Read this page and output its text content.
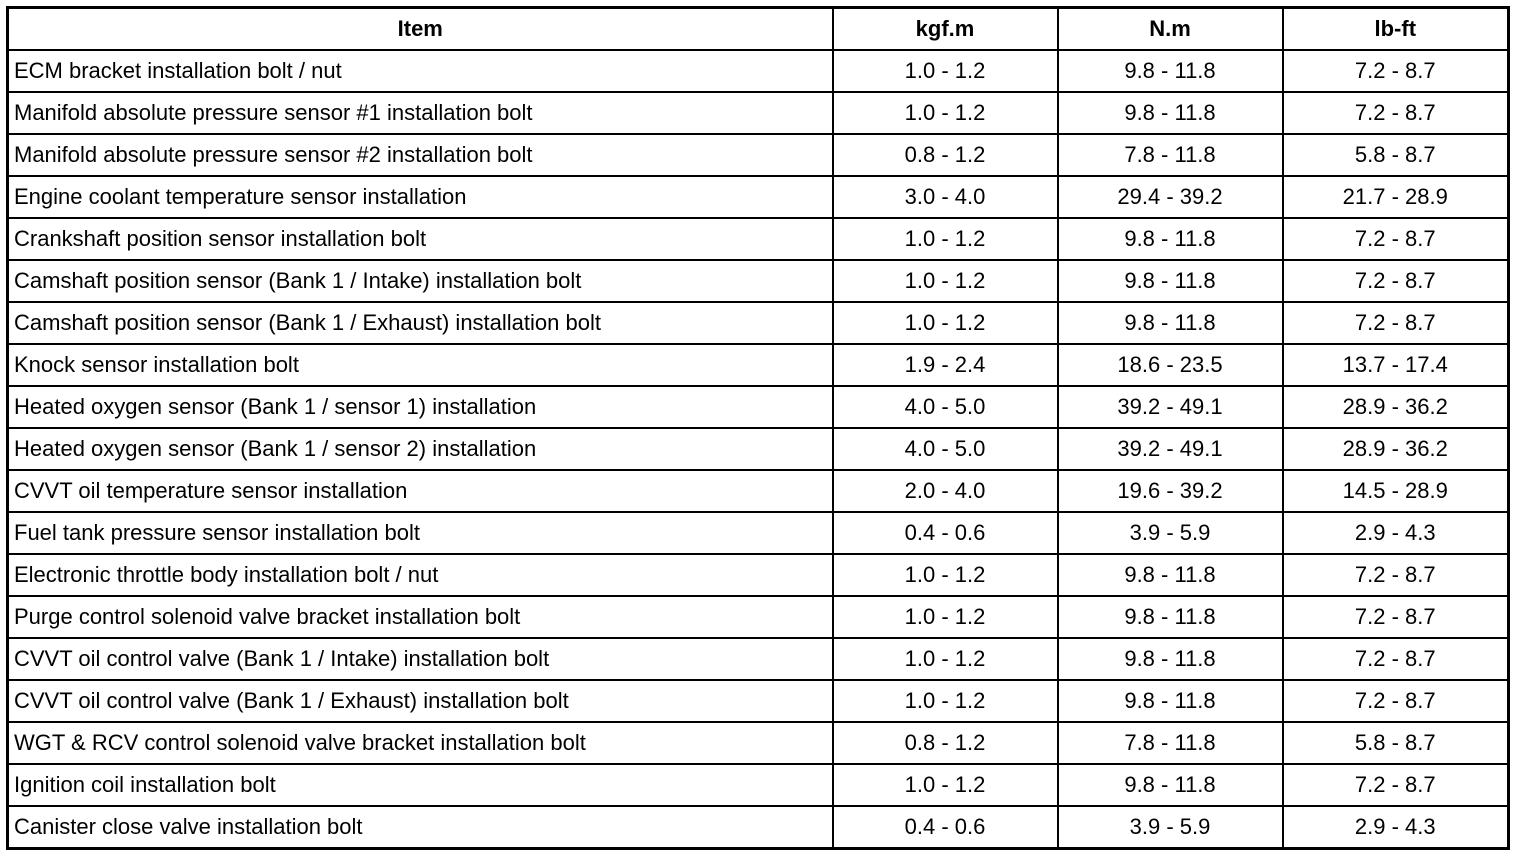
Item	kgf.m	N.m	lb-ft
ECM bracket installation bolt / nut	1.0 - 1.2	9.8 - 11.8	7.2 - 8.7
Manifold absolute pressure sensor #1 installation bolt	1.0 - 1.2	9.8 - 11.8	7.2 - 8.7
Manifold absolute pressure sensor #2 installation bolt	0.8 - 1.2	7.8 - 11.8	5.8 - 8.7
Engine coolant temperature sensor installation	3.0 - 4.0	29.4 - 39.2	21.7 - 28.9
Crankshaft position sensor installation bolt	1.0 - 1.2	9.8 - 11.8	7.2 - 8.7
Camshaft position sensor (Bank 1 / Intake) installation bolt	1.0 - 1.2	9.8 - 11.8	7.2 - 8.7
Camshaft position sensor (Bank 1 / Exhaust) installation bolt	1.0 - 1.2	9.8 - 11.8	7.2 - 8.7
Knock sensor installation bolt	1.9 - 2.4	18.6 - 23.5	13.7 - 17.4
Heated oxygen sensor (Bank 1 / sensor 1) installation	4.0 - 5.0	39.2 - 49.1	28.9 - 36.2
Heated oxygen sensor (Bank 1 / sensor 2) installation	4.0 - 5.0	39.2 - 49.1	28.9 - 36.2
CVVT oil temperature sensor installation	2.0 - 4.0	19.6 - 39.2	14.5 - 28.9
Fuel tank pressure sensor installation bolt	0.4 - 0.6	3.9 - 5.9	2.9 - 4.3
Electronic throttle body installation bolt / nut	1.0 - 1.2	9.8 - 11.8	7.2 - 8.7
Purge control solenoid valve bracket installation bolt	1.0 - 1.2	9.8 - 11.8	7.2 - 8.7
CVVT oil control valve (Bank 1 / Intake) installation bolt	1.0 - 1.2	9.8 - 11.8	7.2 - 8.7
CVVT oil control valve (Bank 1 / Exhaust) installation bolt	1.0 - 1.2	9.8 - 11.8	7.2 - 8.7
WGT & RCV control solenoid valve bracket installation bolt	0.8 - 1.2	7.8 - 11.8	5.8 - 8.7
Ignition coil installation bolt	1.0 - 1.2	9.8 - 11.8	7.2 - 8.7
Canister close valve installation bolt	0.4 - 0.6	3.9 - 5.9	2.9 - 4.3
